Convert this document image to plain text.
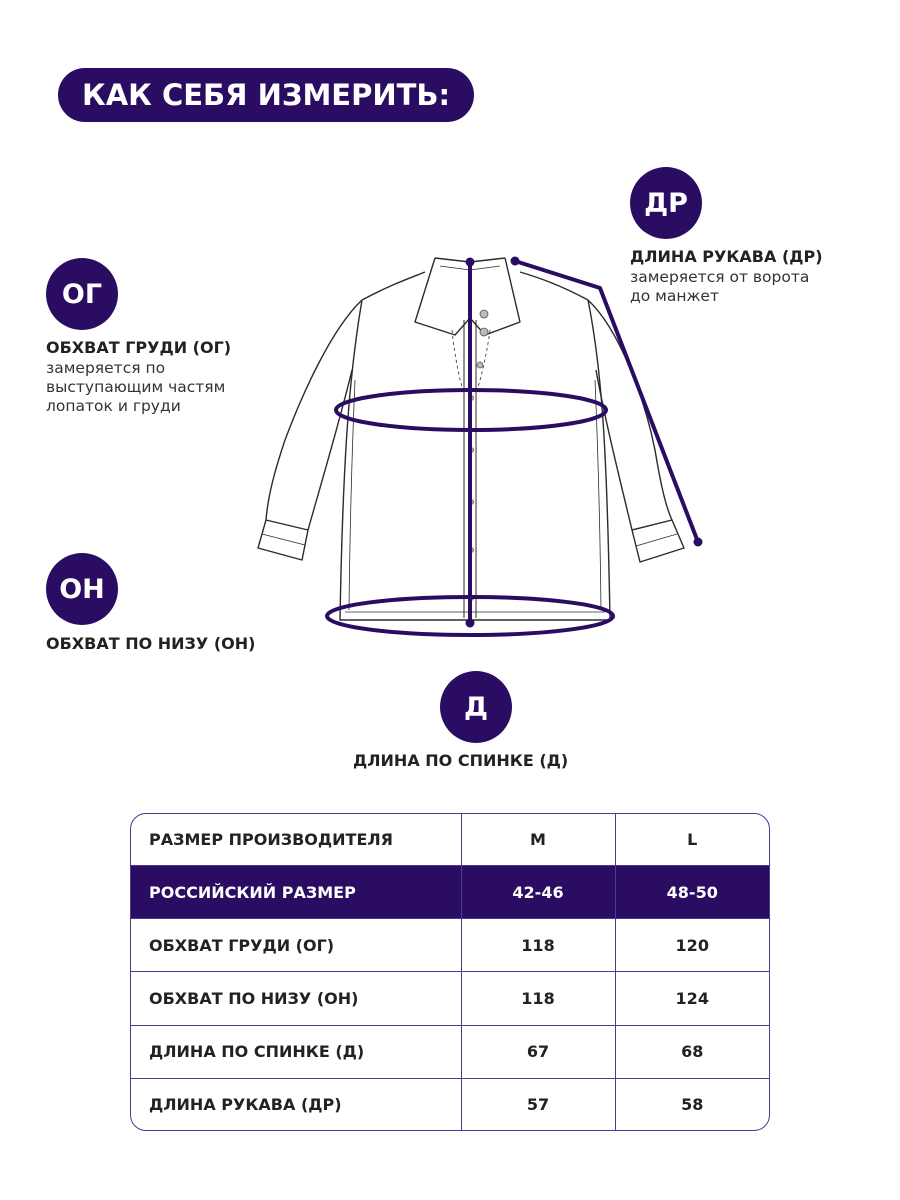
КАК СЕБЯ ИЗМЕРИТЬ:
ОГ
ОБХВАТ ГРУДИ (ОГ)
замеряется по
выступающим частям
лопаток и груди
ДР
ДЛИНА РУКАВА (ДР)
замеряется от ворота
до манжет
ОН
ОБХВАТ ПО НИЗУ (ОН)
Д
ДЛИНА ПО СПИНКЕ (Д)
РАЗМЕР ПРОИЗВОДИТЕЛЯ	M	L
РОССИЙСКИЙ РАЗМЕР	42-46	48-50
ОБХВАТ ГРУДИ (ОГ)	118	120
ОБХВАТ ПО НИЗУ (ОН)	118	124
ДЛИНА ПО СПИНКЕ (Д)	67	68
ДЛИНА РУКАВА (ДР)	57	58
